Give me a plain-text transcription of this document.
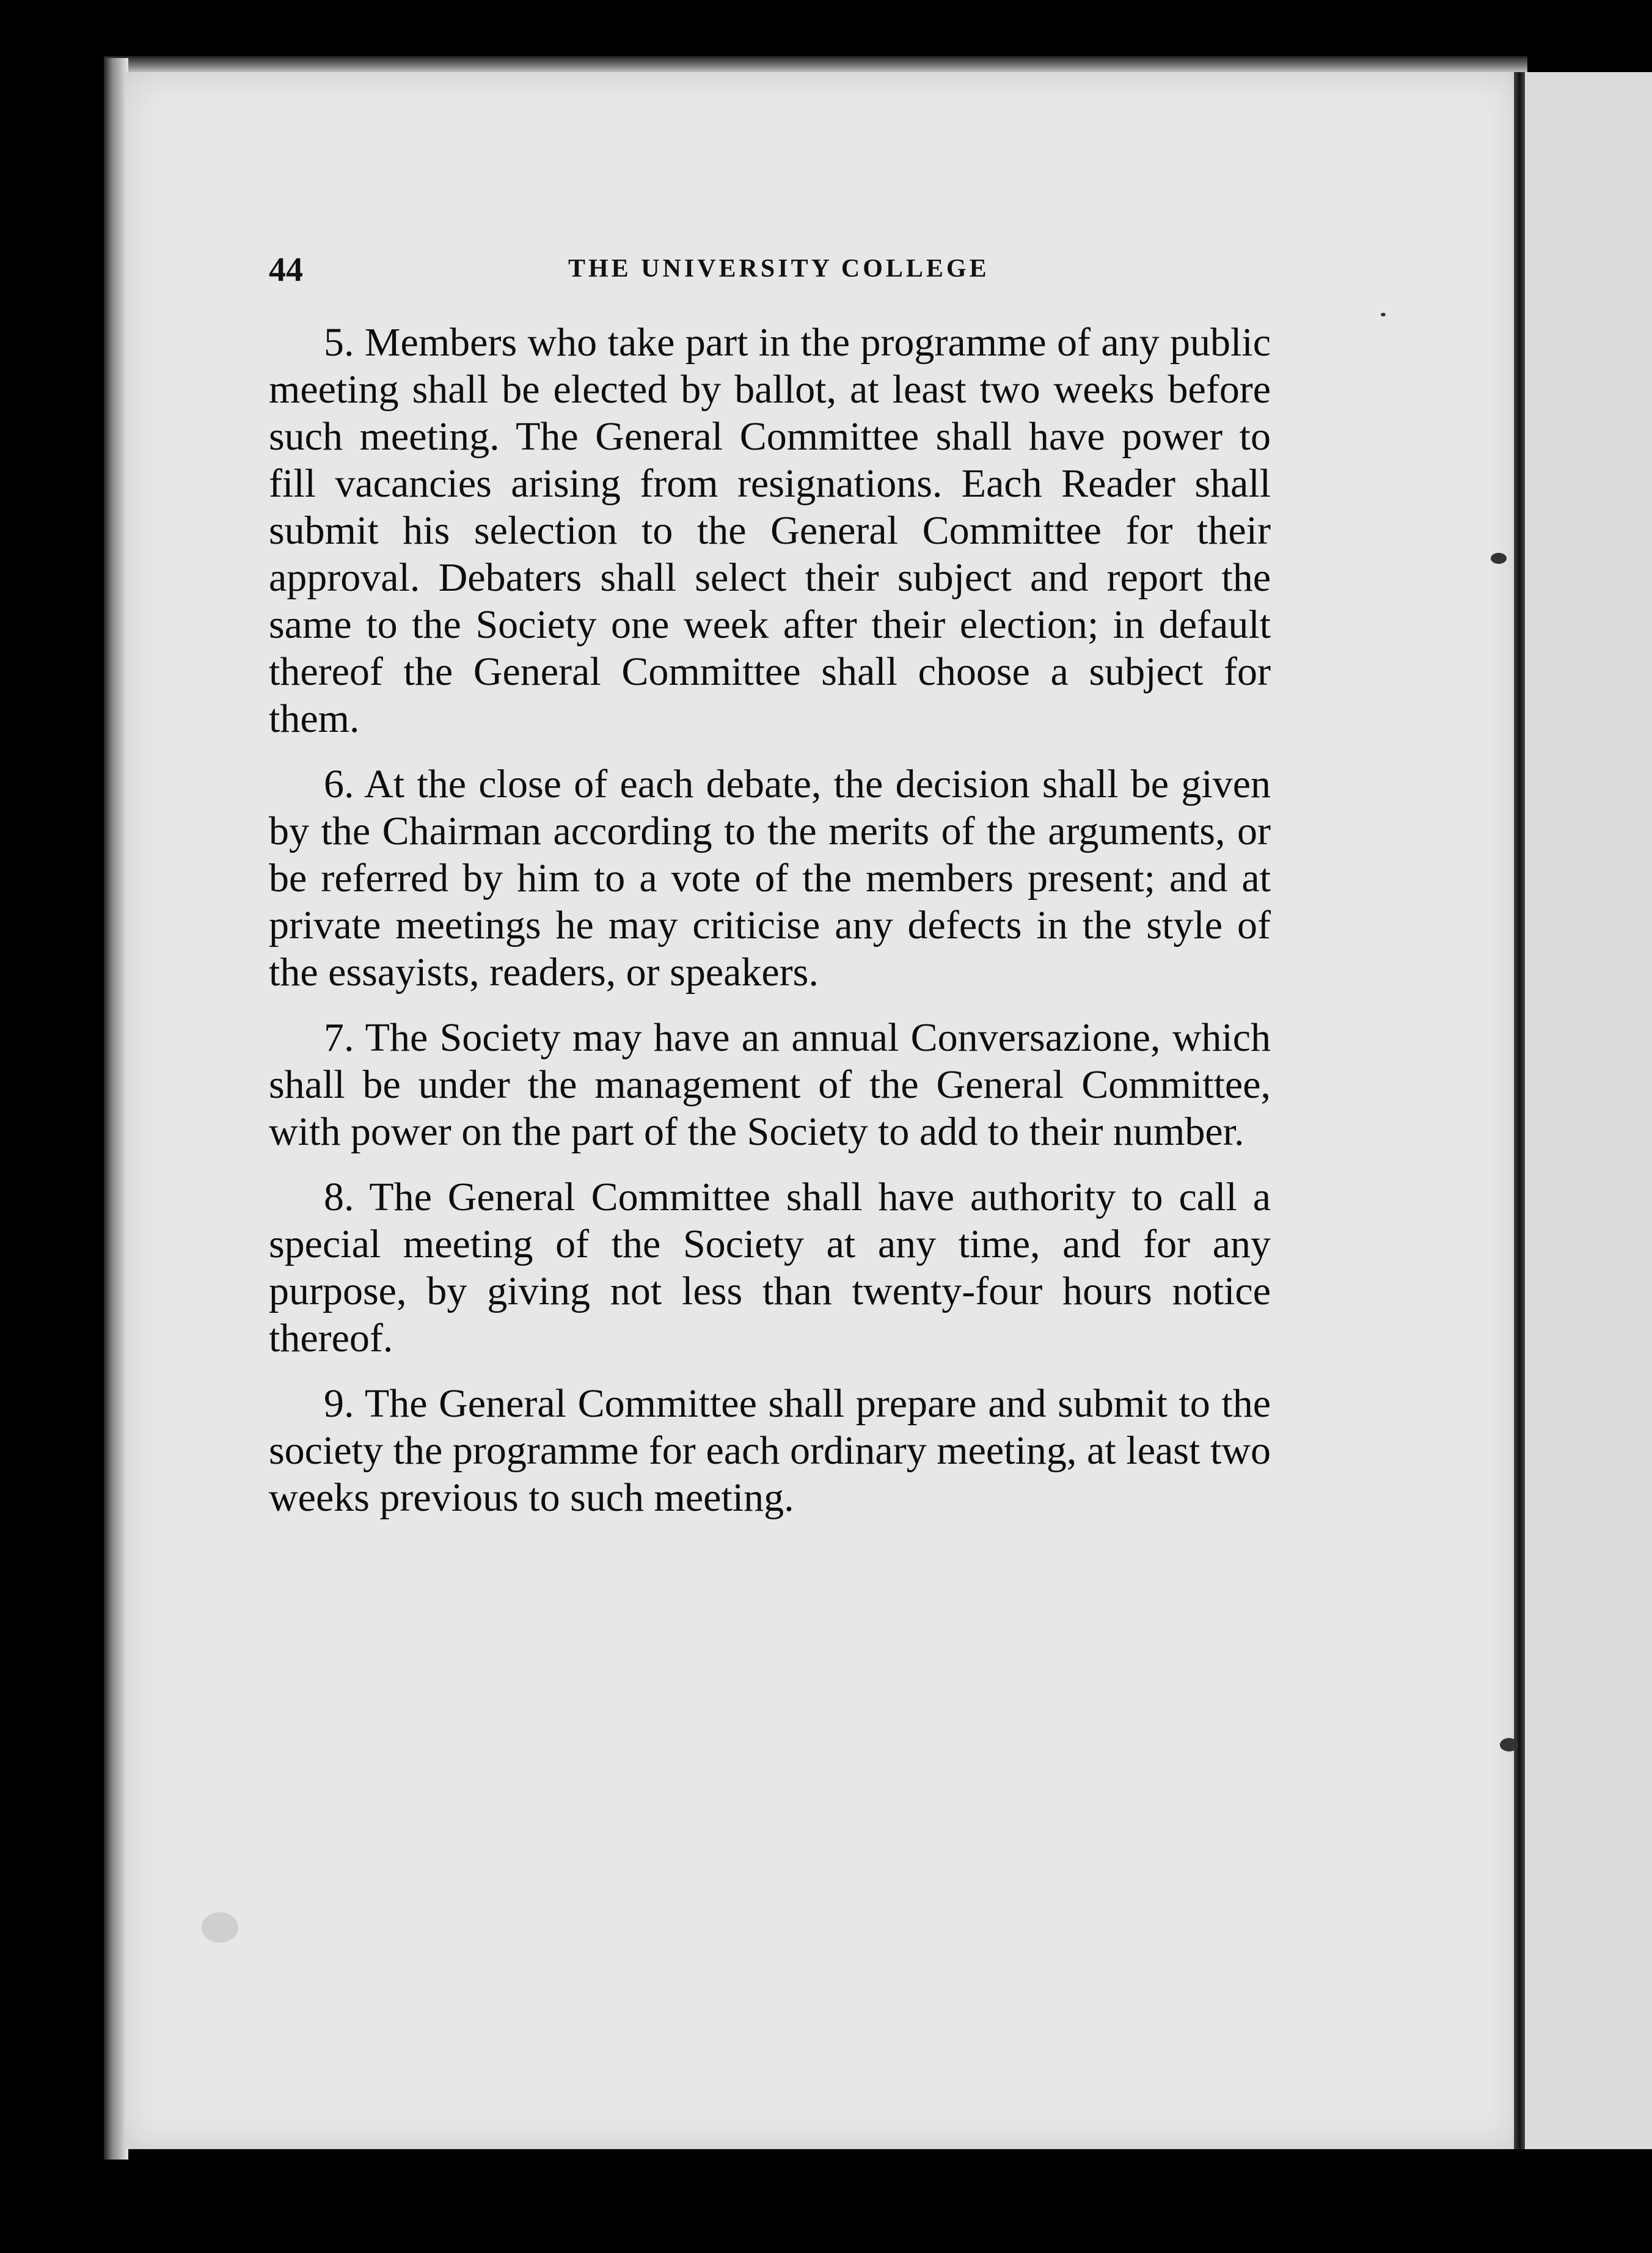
44	THE UNIVERSITY COLLEGE

5. Members who take part in the programme of any public meeting shall be elected by ballot, at least two weeks before such meeting. The General Committee shall have power to fill vacancies arising from resignations. Each Reader shall submit his selection to the General Committee for their approval. Debaters shall select their subject and report the same to the Society one week after their election; in default thereof the General Committee shall choose a subject for them.

6. At the close of each debate, the decision shall be given by the Chairman according to the merits of the arguments, or be referred by him to a vote of the members present; and at private meetings he may criticise any defects in the style of the essayists, readers, or speakers.

7. The Society may have an annual Conversazione, which shall be under the management of the General Committee, with power on the part of the Society to add to their number.

8. The General Committee shall have authority to call a special meeting of the Society at any time, and for any purpose, by giving not less than twenty-four hours notice thereof.

9. The General Committee shall prepare and submit to the society the programme for each ordinary meeting, at least two weeks previous to such meeting.
